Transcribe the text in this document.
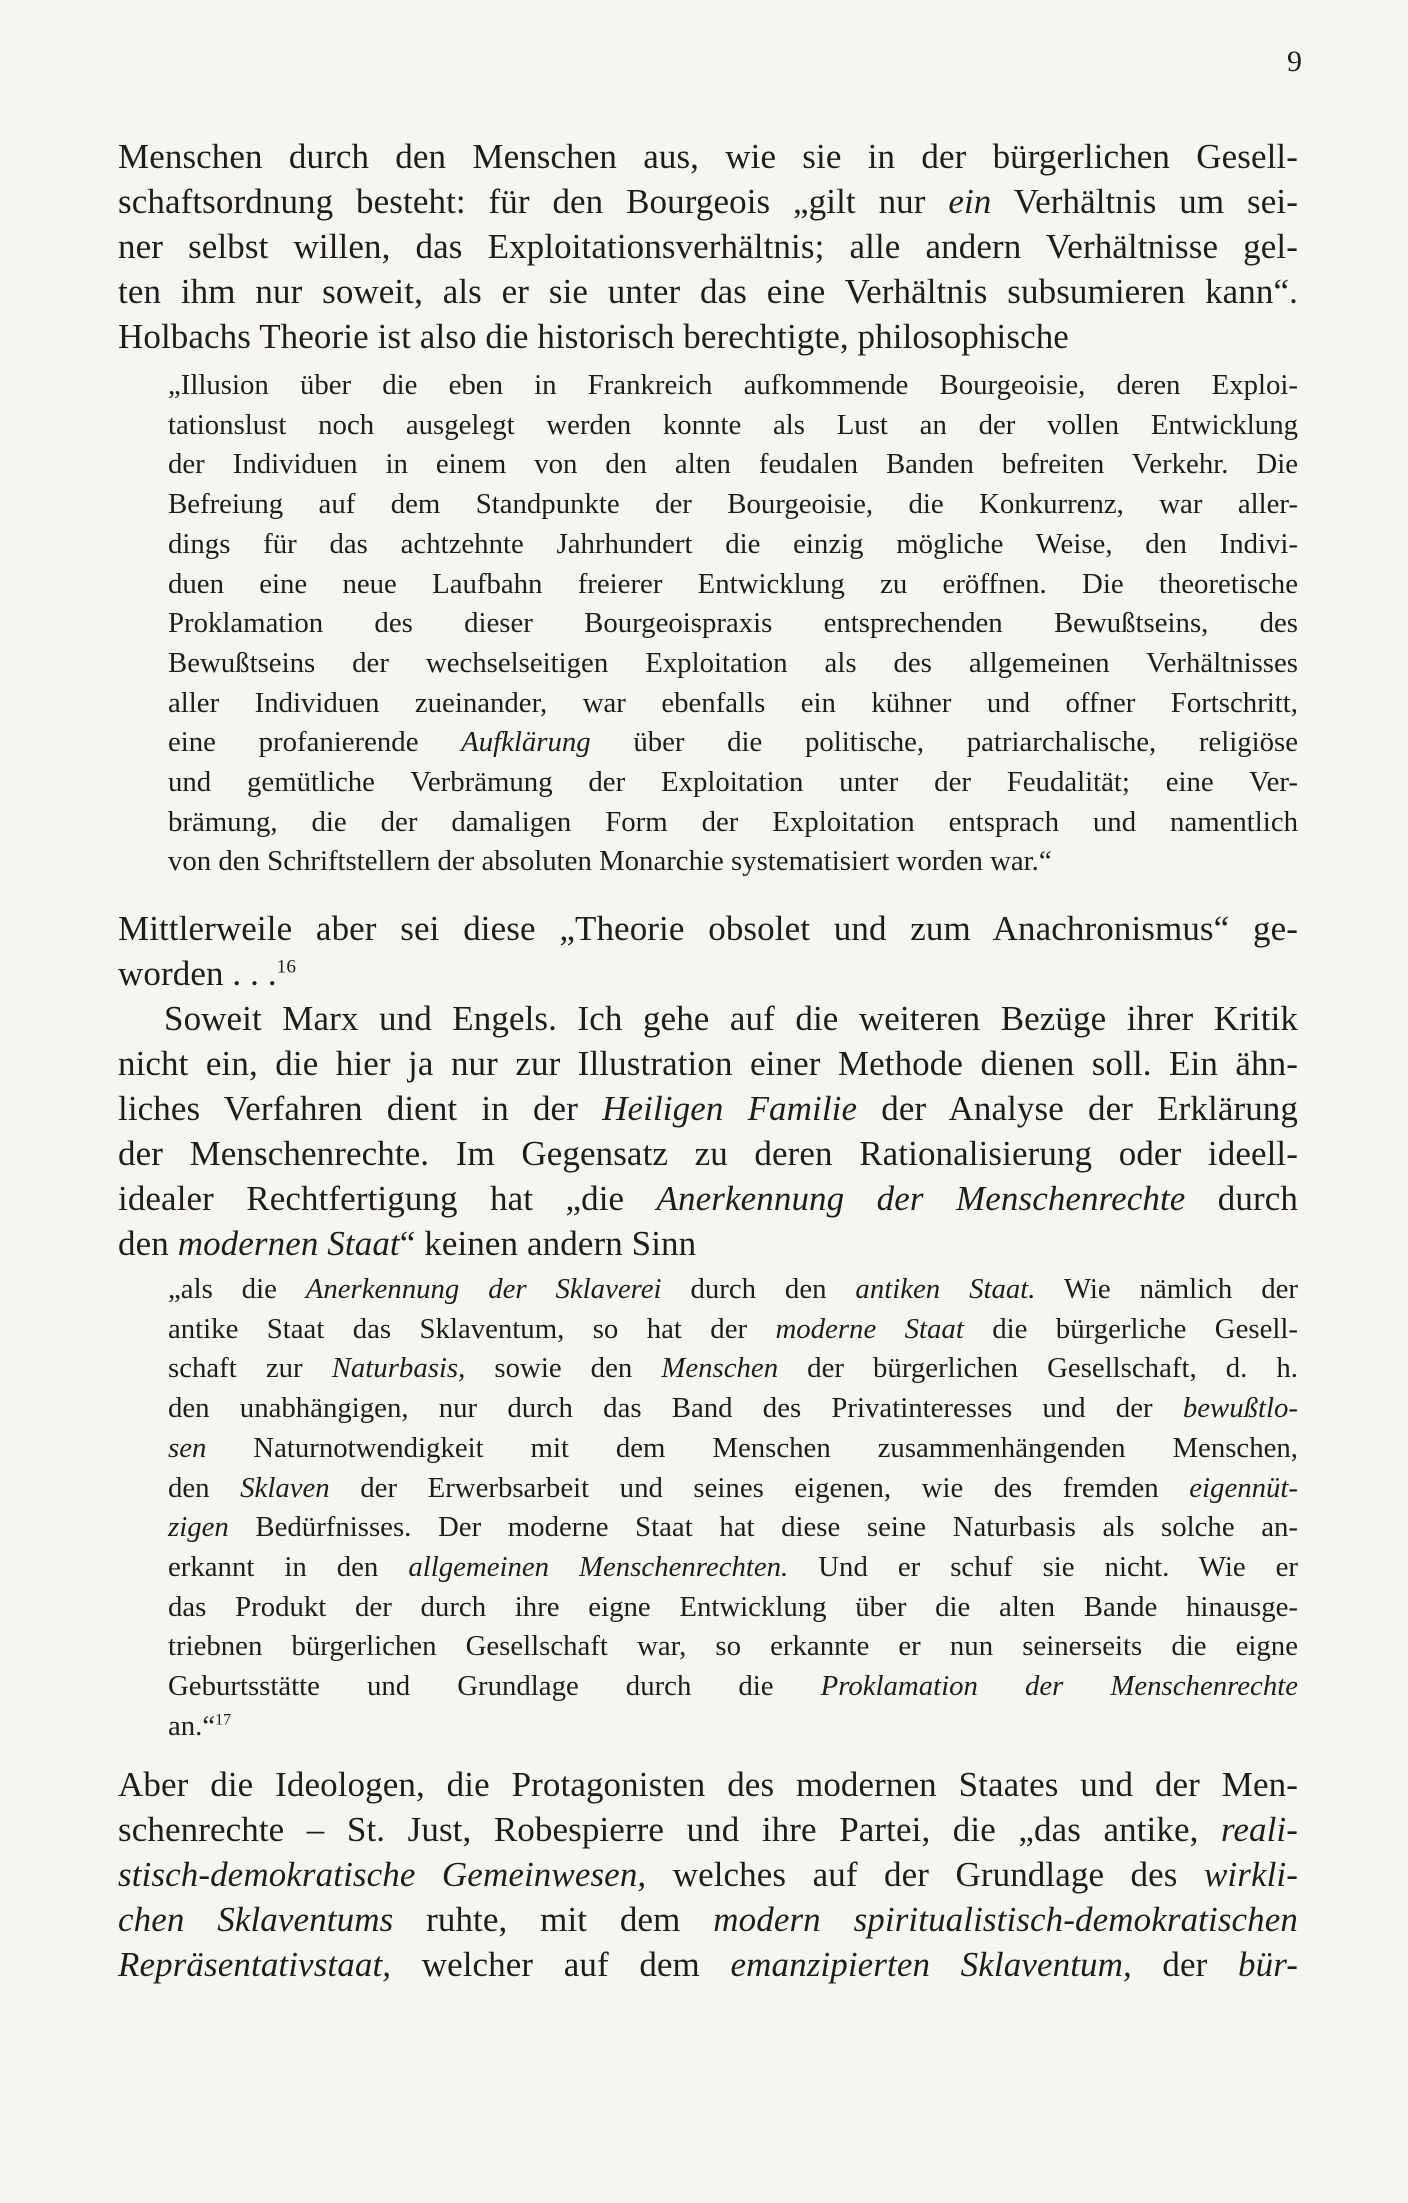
9

Menschen durch den Menschen aus, wie sie in der bürgerlichen Gesell-
schaftsordnung besteht: für den Bourgeois „gilt nur ein Verhältnis um sei-
ner selbst willen, das Exploitationsverhältnis; alle andern Verhältnisse gel-
ten ihm nur soweit, als er sie unter das eine Verhältnis subsumieren kann“.
Holbachs Theorie ist also die historisch berechtigte, philosophische

„Illusion über die eben in Frankreich aufkommende Bourgeoisie, deren Exploi-
tationslust noch ausgelegt werden konnte als Lust an der vollen Entwicklung
der Individuen in einem von den alten feudalen Banden befreiten Verkehr. Die
Befreiung auf dem Standpunkte der Bourgeoisie, die Konkurrenz, war aller-
dings für das achtzehnte Jahrhundert die einzig mögliche Weise, den Indivi-
duen eine neue Laufbahn freierer Entwicklung zu eröffnen. Die theoretische
Proklamation des dieser Bourgeoispraxis entsprechenden Bewußtseins, des
Bewußtseins der wechselseitigen Exploitation als des allgemeinen Verhältnisses
aller Individuen zueinander, war ebenfalls ein kühner und offner Fortschritt,
eine profanierende Aufklärung über die politische, patriarchalische, religiöse
und gemütliche Verbrämung der Exploitation unter der Feudalität; eine Ver-
brämung, die der damaligen Form der Exploitation entsprach und namentlich
von den Schriftstellern der absoluten Monarchie systematisiert worden war.“

Mittlerweile aber sei diese „Theorie obsolet und zum Anachronismus“ ge-
worden . . .$^{16}$

Soweit Marx und Engels. Ich gehe auf die weiteren Bezüge ihrer Kritik
nicht ein, die hier ja nur zur Illustration einer Methode dienen soll. Ein ähn-
liches Verfahren dient in der Heiligen Familie der Analyse der Erklärung
der Menschenrechte. Im Gegensatz zu deren Rationalisierung oder ideell-
idealer Rechtfertigung hat „die Anerkennung der Menschenrechte durch
den modernen Staat“ keinen andern Sinn

„als die Anerkennung der Sklaverei durch den antiken Staat. Wie nämlich der
antike Staat das Sklaventum, so hat der moderne Staat die bürgerliche Gesell-
schaft zur Naturbasis, sowie den Menschen der bürgerlichen Gesellschaft, d. h.
den unabhängigen, nur durch das Band des Privatinteresses und der bewußtlo-
sen Naturnotwendigkeit mit dem Menschen zusammenhängenden Menschen,
den Sklaven der Erwerbsarbeit und seines eigenen, wie des fremden eigennüt-
zigen Bedürfnisses. Der moderne Staat hat diese seine Naturbasis als solche an-
erkannt in den allgemeinen Menschenrechten. Und er schuf sie nicht. Wie er
das Produkt der durch ihre eigne Entwicklung über die alten Bande hinausge-
triebnen bürgerlichen Gesellschaft war, so erkannte er nun seinerseits die eigne
Geburtsstätte und Grundlage durch die Proklamation der Menschenrechte
an.“$^{17}$

Aber die Ideologen, die Protagonisten des modernen Staates und der Men-
schenrechte – St. Just, Robespierre und ihre Partei, die „das antike, reali-
stisch-demokratische Gemeinwesen, welches auf der Grundlage des wirkli-
chen Sklaventums ruhte, mit dem modern spiritualistisch-demokratischen
Repräsentativstaat, welcher auf dem emanzipierten Sklaventum, der bür-
